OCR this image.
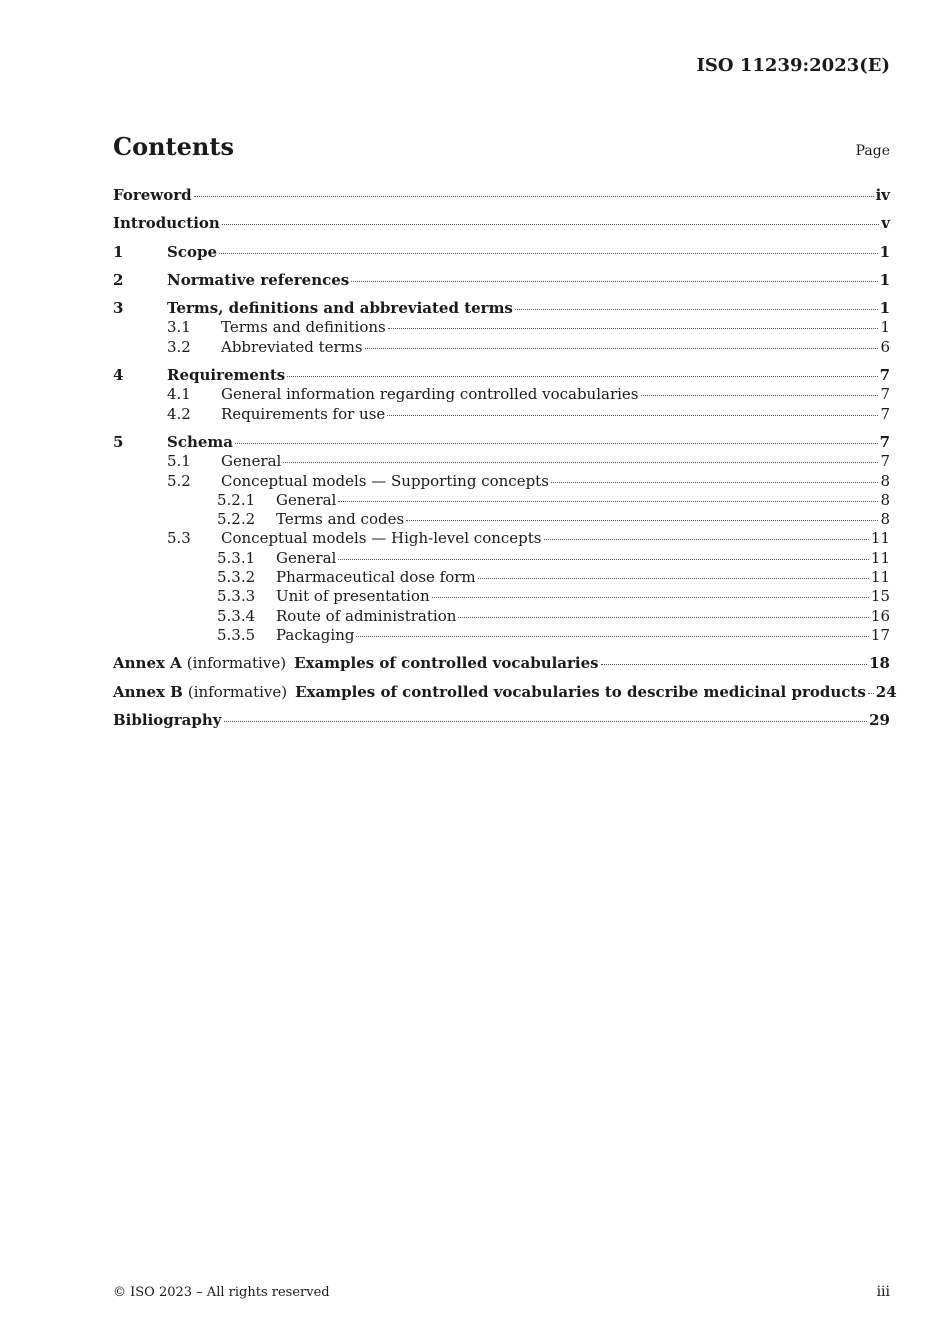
ISO 11239:2023(E)
Contents	Page
Foreword	iv
Introduction	v
1	Scope	1
2	Normative references	1
3	Terms, definitions and abbreviated terms	1
3.1	Terms and definitions	1
3.2	Abbreviated terms	6
4	Requirements	7
4.1	General information regarding controlled vocabularies	7
4.2	Requirements for use	7
5	Schema	7
5.1	General	7
5.2	Conceptual models — Supporting concepts	8
5.2.1	General	8
5.2.2	Terms and codes	8
5.3	Conceptual models — High-level concepts	11
5.3.1	General	11
5.3.2	Pharmaceutical dose form	11
5.3.3	Unit of presentation	15
5.3.4	Route of administration	16
5.3.5	Packaging	17
Annex A (informative) Examples of controlled vocabularies	18
Annex B (informative) Examples of controlled vocabularies to describe medicinal products 24
Bibliography	29
© ISO 2023 – All rights reserved	iii
